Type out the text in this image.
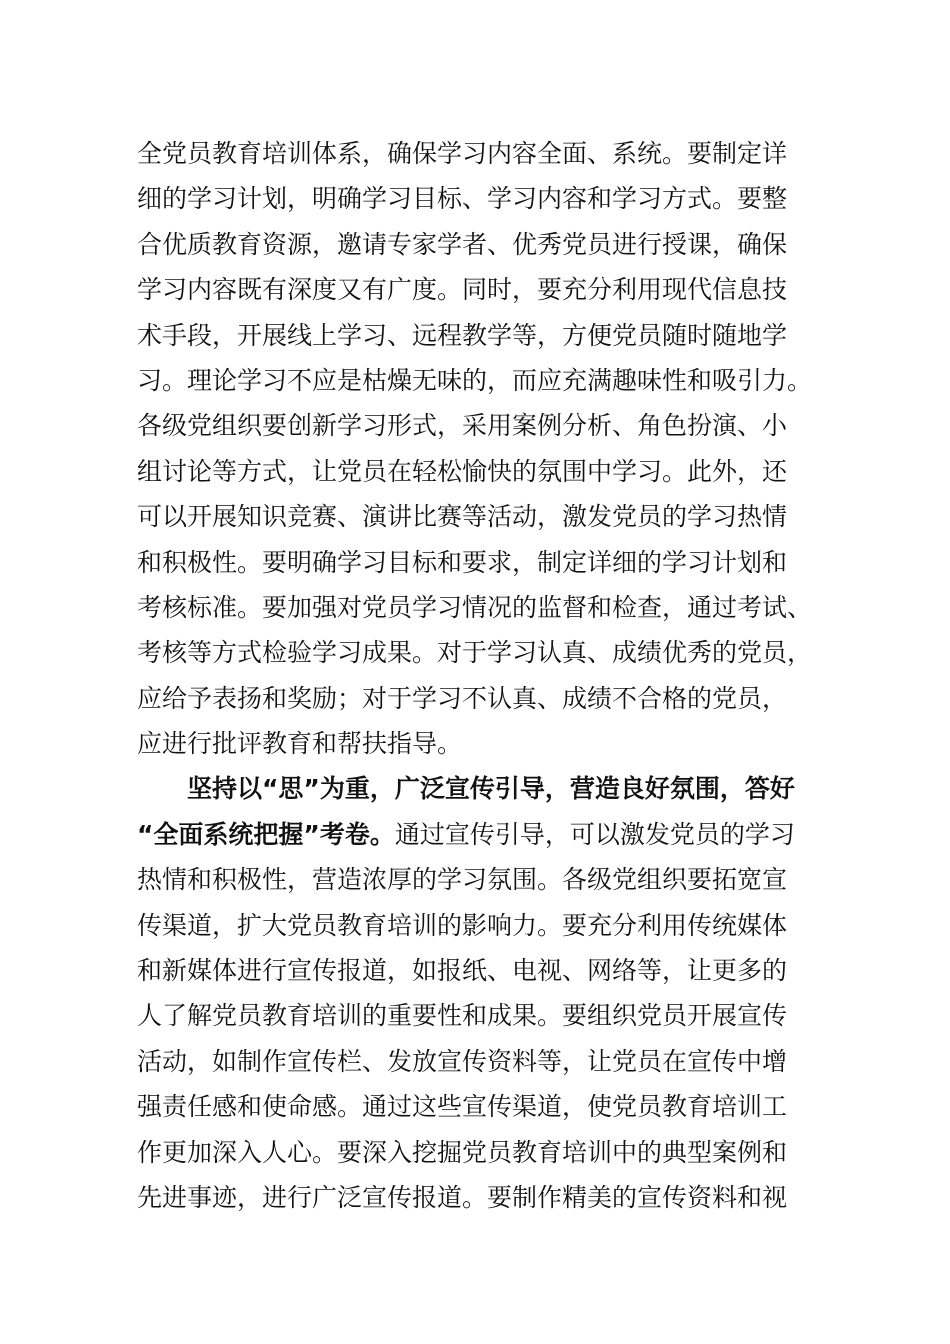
全党员教育培训体系，确保学习内容全面、系统。要制定详
细的学习计划，明确学习目标、学习内容和学习方式。要整
合优质教育资源，邀请专家学者、优秀党员进行授课，确保
学习内容既有深度又有广度。同时，要充分利用现代信息技
术手段，开展线上学习、远程教学等，方便党员随时随地学
习。理论学习不应是枯燥无味的，而应充满趣味性和吸引力。
各级党组织要创新学习形式，采用案例分析、角色扮演、小
组讨论等方式，让党员在轻松愉快的氛围中学习。此外，还
可以开展知识竞赛、演讲比赛等活动，激发党员的学习热情
和积极性。要明确学习目标和要求，制定详细的学习计划和
考核标准。要加强对党员学习情况的监督和检查，通过考试、
考核等方式检验学习成果。对于学习认真、成绩优秀的党员，
应给予表扬和奖励；对于学习不认真、成绩不合格的党员，
应进行批评教育和帮扶指导。
坚持以“思”为重，广泛宣传引导，营造良好氛围，答好
“全面系统把握”考卷。通过宣传引导，可以激发党员的学习
热情和积极性，营造浓厚的学习氛围。各级党组织要拓宽宣
传渠道，扩大党员教育培训的影响力。要充分利用传统媒体
和新媒体进行宣传报道，如报纸、电视、网络等，让更多的
人了解党员教育培训的重要性和成果。要组织党员开展宣传
活动，如制作宣传栏、发放宣传资料等，让党员在宣传中增
强责任感和使命感。通过这些宣传渠道，使党员教育培训工
作更加深入人心。要深入挖掘党员教育培训中的典型案例和
先进事迹，进行广泛宣传报道。要制作精美的宣传资料和视
